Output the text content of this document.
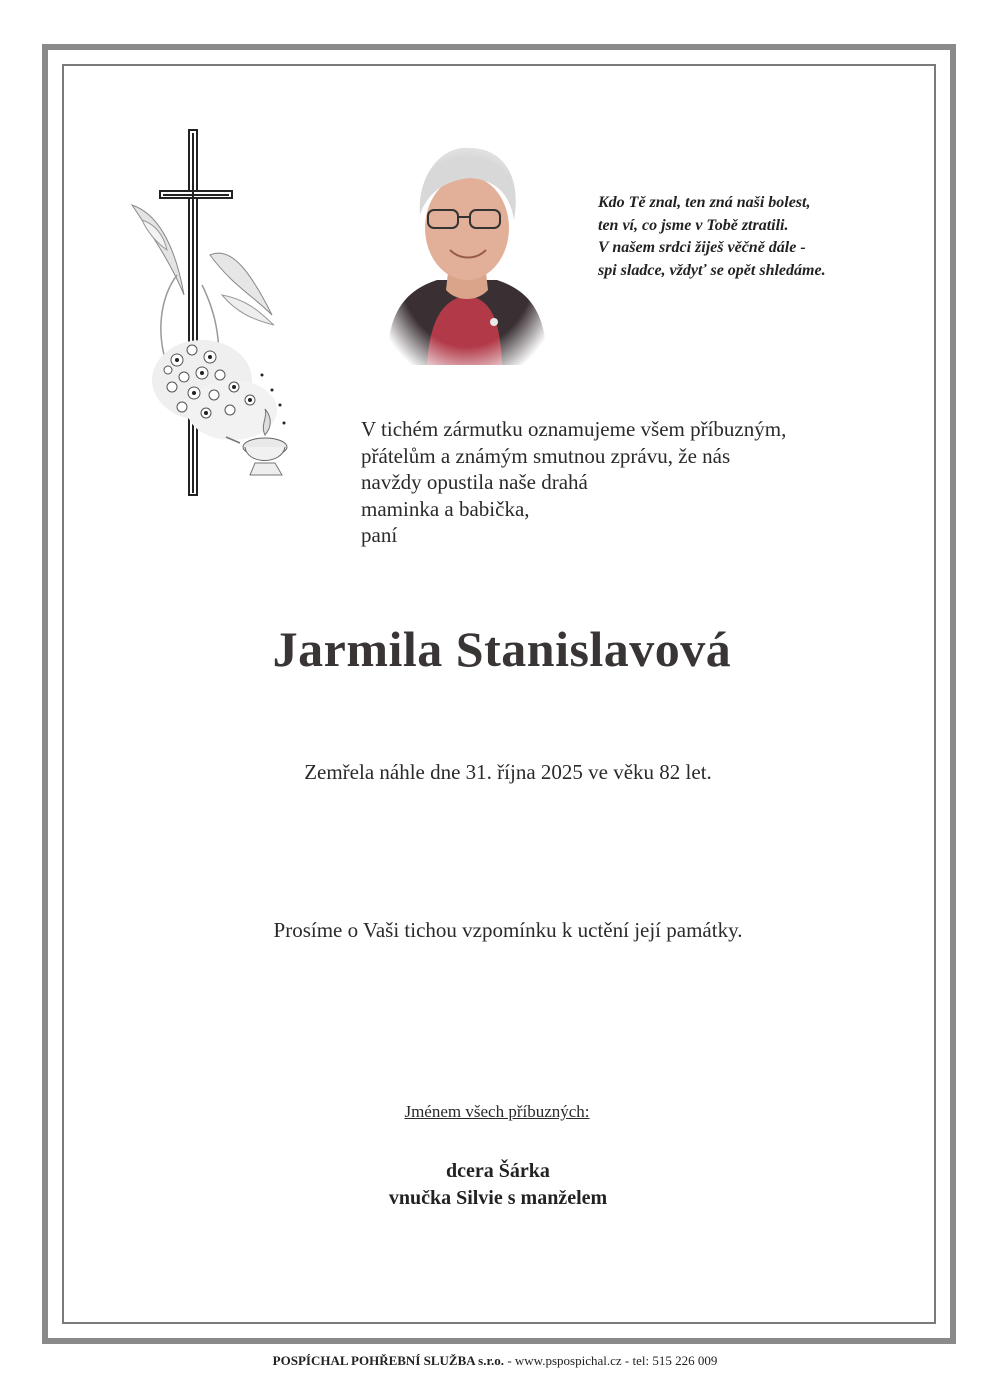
Kdo Tě znal, ten zná naši bolest,
ten ví, co jsme v Tobě ztratili.
V našem srdci žiješ věčně dále -
spi sladce, vždyť se opět shledáme.
V tichém zármutku oznamujeme všem příbuzným,
přátelům a známým smutnou zprávu, že nás
navždy opustila naše drahá
maminka a babička,
paní
Jarmila Stanislavová
Zemřela náhle dne 31. října 2025 ve věku 82 let.
Prosíme o Vaši tichou vzpomínku k uctění její památky.
Jménem všech příbuzných:
dcera Šárka
vnučka Silvie s manželem
POSPÍCHAL POHŘEBNÍ SLUŽBA s.r.o. - www.pspospichal.cz - tel: 515 226 009
